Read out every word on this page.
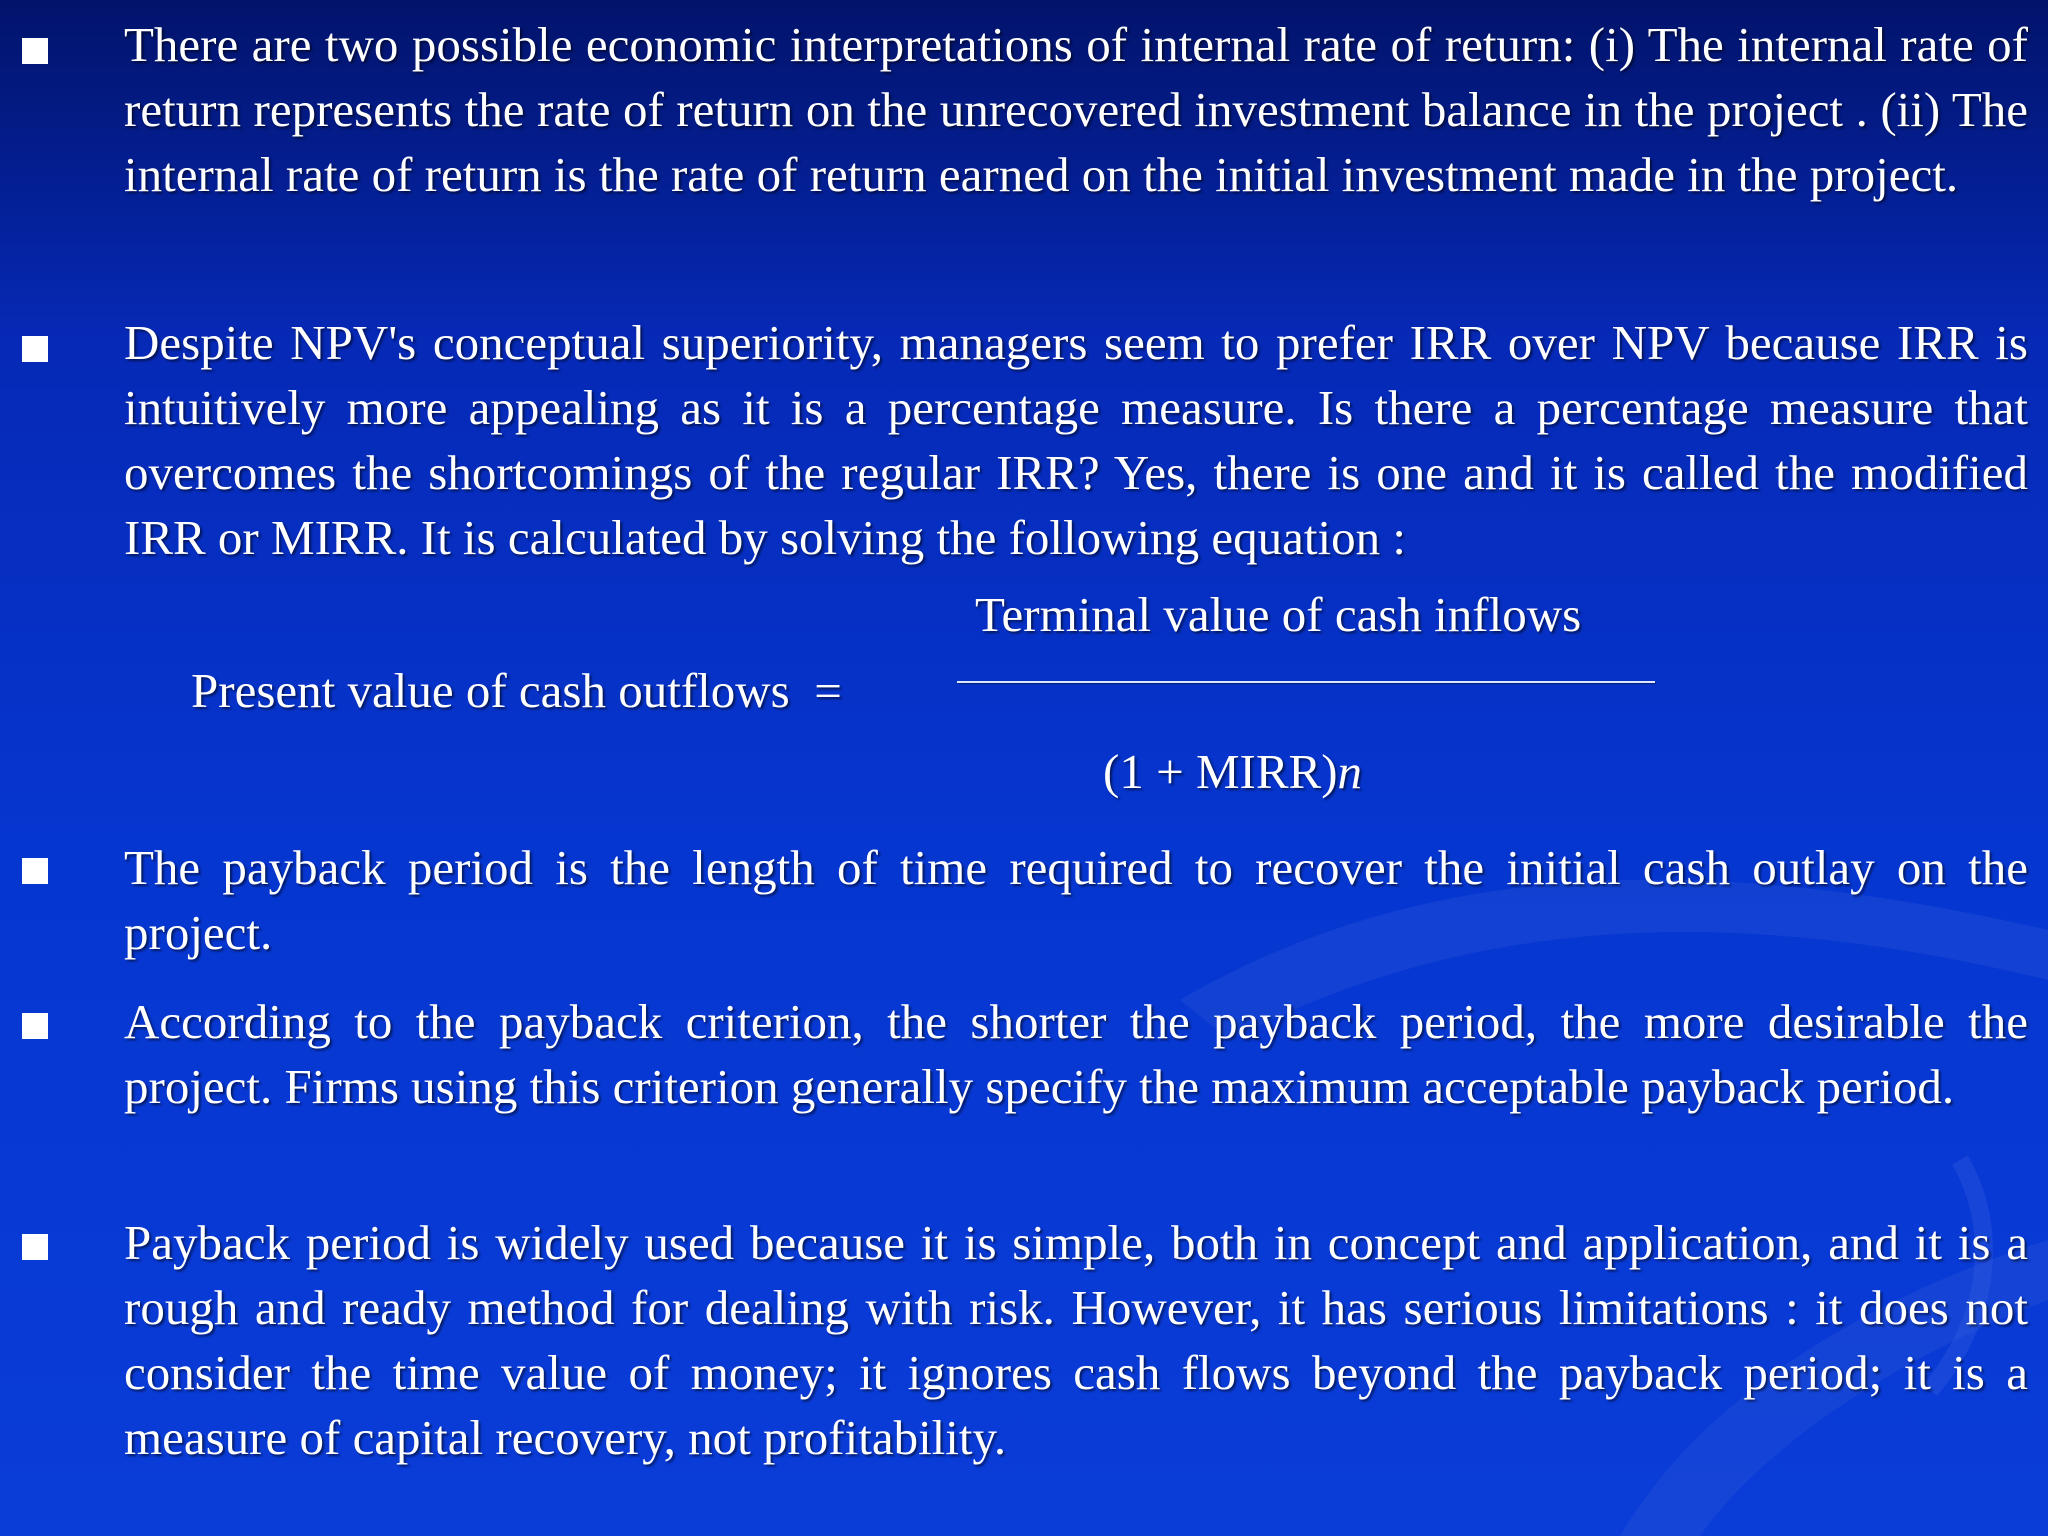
There are two possible economic interpretations of internal rate of return: (i) The internal rate of return represents the rate of return on the unrecovered investment balance in the project . (ii) The internal rate of return is the rate of return earned on the initial investment made in the project.

Despite NPV's conceptual superiority, managers seem to prefer IRR over NPV because IRR is intuitively more appealing as it is a percentage measure. Is there a percentage measure that overcomes the shortcomings of the regular IRR? Yes, there is one and it is called the modified IRR or MIRR. It is calculated by solving the following equation :

Present value of cash outflows  =
Terminal value of cash inflows
(1 + MIRR)n

The payback period is the length of time required to recover the initial cash outlay on the project.

According to the payback criterion, the shorter the payback period, the more desirable the project. Firms using this criterion generally specify the maximum acceptable payback period.

Payback period is widely used because it is simple, both in concept and application, and it is a rough and ready method for dealing with risk. However, it has serious limitations : it does not consider the time value of money; it ignores cash flows beyond the payback period; it is a measure of capital recovery, not profitability.
